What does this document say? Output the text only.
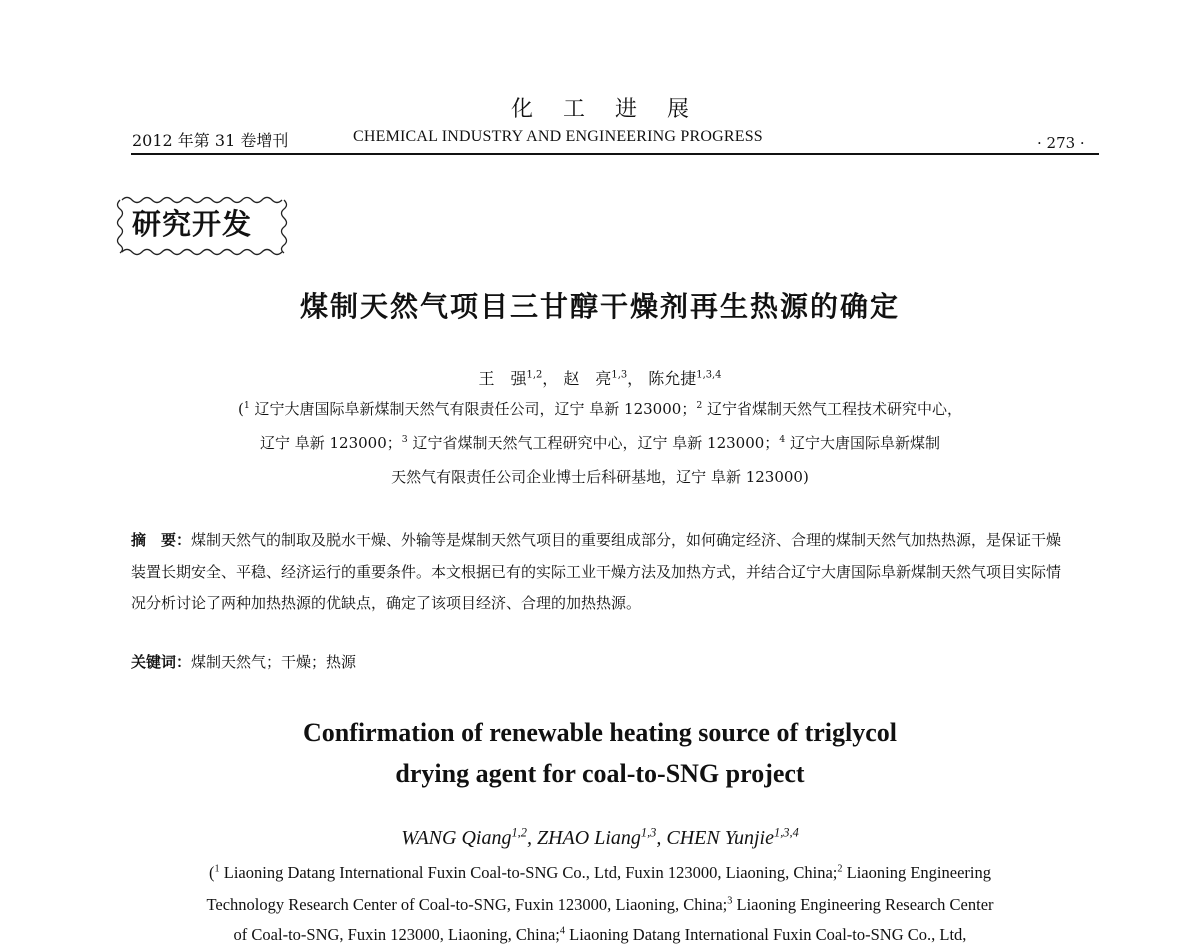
化工进展
2012 年第 31 卷增刊	CHEMICAL INDUSTRY AND ENGINEERING PROGRESS	· 273 ·
研究开发
煤制天然气项目三甘醇干燥剂再生热源的确定
王　强$^{1,2}$， 赵　亮$^{1,3}$， 陈允捷$^{1,3,4}$
($^1$ 辽宁大唐国际阜新煤制天然气有限责任公司，辽宁 阜新 123000；$^2$ 辽宁省煤制天然气工程技术研究中心，
辽宁 阜新 123000；$^3$ 辽宁省煤制天然气工程研究中心，辽宁 阜新 123000；$^4$ 辽宁大唐国际阜新煤制
天然气有限责任公司企业博士后科研基地，辽宁 阜新 123000)
摘　要：煤制天然气的制取及脱水干燥、外输等是煤制天然气项目的重要组成部分，如何确定经济、合理的煤制天然气加热热源，是保证干燥装置长期安全、平稳、经济运行的重要条件。本文根据已有的实际工业干燥方法及加热方式，并结合辽宁大唐国际阜新煤制天然气项目实际情况分析讨论了两种加热热源的优缺点，确定了该项目经济、合理的加热热源。
关键词：煤制天然气；干燥；热源
Confirmation of renewable heating source of triglycol
drying agent for coal-to-SNG project
WANG Qiang$^{1,2}$, ZHAO Liang$^{1,3}$, CHEN Yunjie$^{1,3,4}$
($^1$ Liaoning Datang International Fuxin Coal-to-SNG Co., Ltd, Fuxin 123000, Liaoning, China;$^2$ Liaoning Engineering
Technology Research Center of Coal-to-SNG, Fuxin 123000, Liaoning, China;$^3$ Liaoning Engineering Research Center
of Coal-to-SNG, Fuxin 123000, Liaoning, China;$^4$ Liaoning Datang International Fuxin Coal-to-SNG Co., Ltd,
